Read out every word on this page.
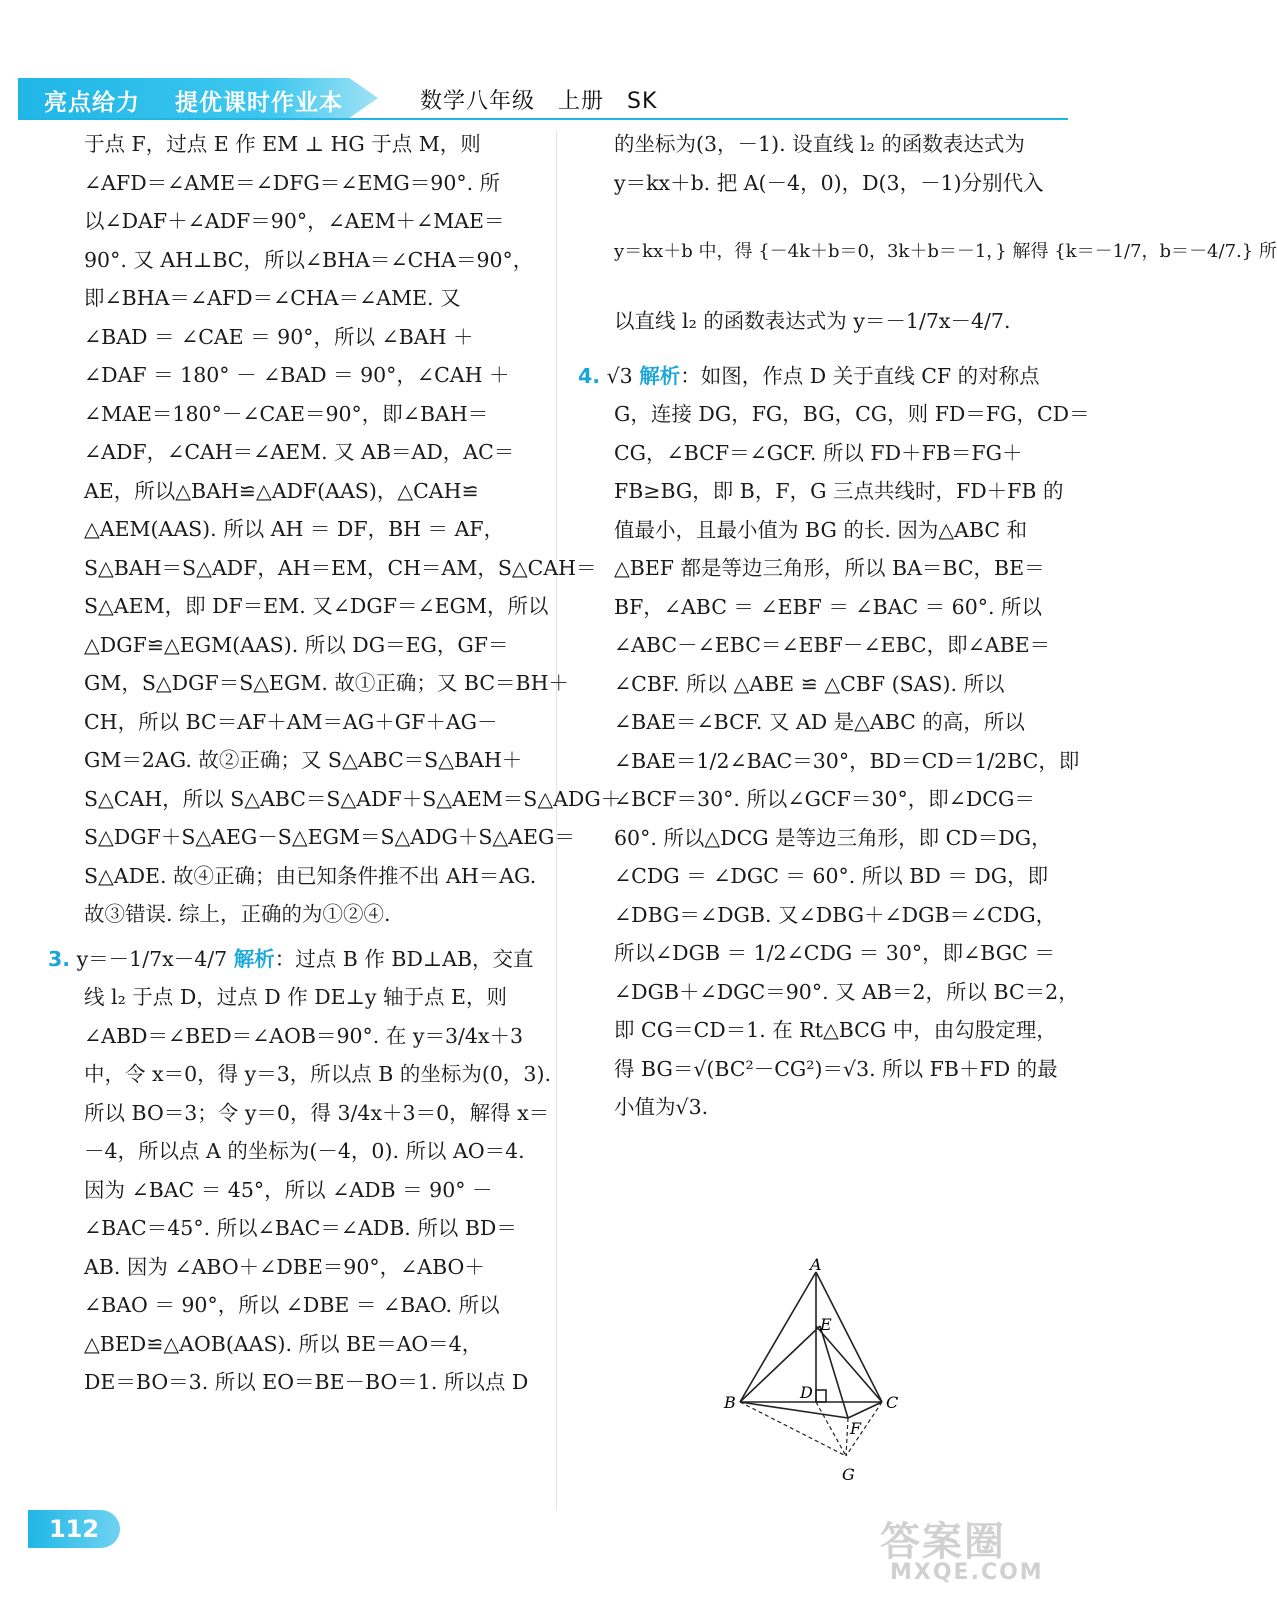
亮点给力 提优课时作业本	数学八年级　上册　SK
于点 F，过点 E 作 EM ⊥ HG 于点 M，则
∠AFD＝∠AME＝∠DFG＝∠EMG＝90°. 所
以∠DAF＋∠ADF＝90°，∠AEM＋∠MAE＝
90°. 又 AH⊥BC，所以∠BHA＝∠CHA＝90°，
即∠BHA＝∠AFD＝∠CHA＝∠AME. 又
∠BAD ＝ ∠CAE ＝ 90°，所以 ∠BAH ＋
∠DAF ＝ 180° － ∠BAD ＝ 90°，∠CAH ＋
∠MAE＝180°－∠CAE＝90°，即∠BAH＝
∠ADF，∠CAH＝∠AEM. 又 AB＝AD，AC＝
AE，所以△BAH≌△ADF(AAS)，△CAH≌
△AEM(AAS). 所以 AH ＝ DF，BH ＝ AF，
S△BAH＝S△ADF，AH＝EM，CH＝AM，S△CAH＝
S△AEM，即 DF＝EM. 又∠DGF＝∠EGM，所以
△DGF≌△EGM(AAS). 所以 DG＝EG，GF＝
GM，S△DGF＝S△EGM. 故①正确；又 BC＝BH＋
CH，所以 BC＝AF＋AM＝AG＋GF＋AG－
GM＝2AG. 故②正确；又 S△ABC＝S△BAH＋
S△CAH，所以 S△ABC＝S△ADF＋S△AEM＝S△ADG＋
S△DGF＋S△AEG－S△EGM＝S△ADG＋S△AEG＝
S△ADE. 故④正确；由已知条件推不出 AH＝AG.
故③错误. 综上，正确的为①②④.
3. y＝－1/7x－4/7 解析：过点 B 作 BD⊥AB，交直
线 l₂ 于点 D，过点 D 作 DE⊥y 轴于点 E，则
∠ABD＝∠BED＝∠AOB＝90°. 在 y＝3/4x＋3
中，令 x＝0，得 y＝3，所以点 B 的坐标为(0，3).
所以 BO＝3；令 y＝0，得 3/4x＋3＝0，解得 x＝
－4，所以点 A 的坐标为(－4，0). 所以 AO＝4.
因为 ∠BAC ＝ 45°，所以 ∠ADB ＝ 90° －
∠BAC＝45°. 所以∠BAC＝∠ADB. 所以 BD＝
AB. 因为 ∠ABO＋∠DBE＝90°，∠ABO＋
∠BAO ＝ 90°，所以 ∠DBE ＝ ∠BAO. 所以
△BED≌△AOB(AAS). 所以 BE＝AO＝4，
DE＝BO＝3. 所以 EO＝BE－BO＝1. 所以点 D
的坐标为(3，－1). 设直线 l₂ 的函数表达式为
y＝kx＋b. 把 A(－4，0)，D(3，－1)分别代入
y＝kx＋b 中，得 {－4k＋b＝0，3k＋b＝－1，} 解得 {k＝－1/7，b＝－4/7.} 所
以直线 l₂ 的函数表达式为 y＝－1/7x－4/7.
4. √3 解析：如图，作点 D 关于直线 CF 的对称点
G，连接 DG，FG，BG，CG，则 FD＝FG，CD＝
CG，∠BCF＝∠GCF. 所以 FD＋FB＝FG＋
FB≥BG，即 B，F，G 三点共线时，FD＋FB 的
值最小，且最小值为 BG 的长. 因为△ABC 和
△BEF 都是等边三角形，所以 BA＝BC，BE＝
BF，∠ABC ＝ ∠EBF ＝ ∠BAC ＝ 60°. 所以
∠ABC－∠EBC＝∠EBF－∠EBC，即∠ABE＝
∠CBF. 所以 △ABE ≌ △CBF (SAS). 所以
∠BAE＝∠BCF. 又 AD 是△ABC 的高，所以
∠BAE＝1/2∠BAC＝30°，BD＝CD＝1/2BC，即
∠BCF＝30°. 所以∠GCF＝30°，即∠DCG＝
60°. 所以△DCG 是等边三角形，即 CD＝DG，
∠CDG ＝ ∠DGC ＝ 60°. 所以 BD ＝ DG，即
∠DBG＝∠DGB. 又∠DBG＋∠DGB＝∠CDG，
所以∠DGB ＝ 1/2∠CDG ＝ 30°，即∠BGC ＝
∠DGB＋∠DGC＝90°. 又 AB＝2，所以 BC＝2，
即 CG＝CD＝1. 在 Rt△BCG 中，由勾股定理，
得 BG＝√(BC²－CG²)＝√3. 所以 FB＋FD 的最
小值为√3.
A
E
B
D
C
F
G
112	答案圈
MXQE.COM
